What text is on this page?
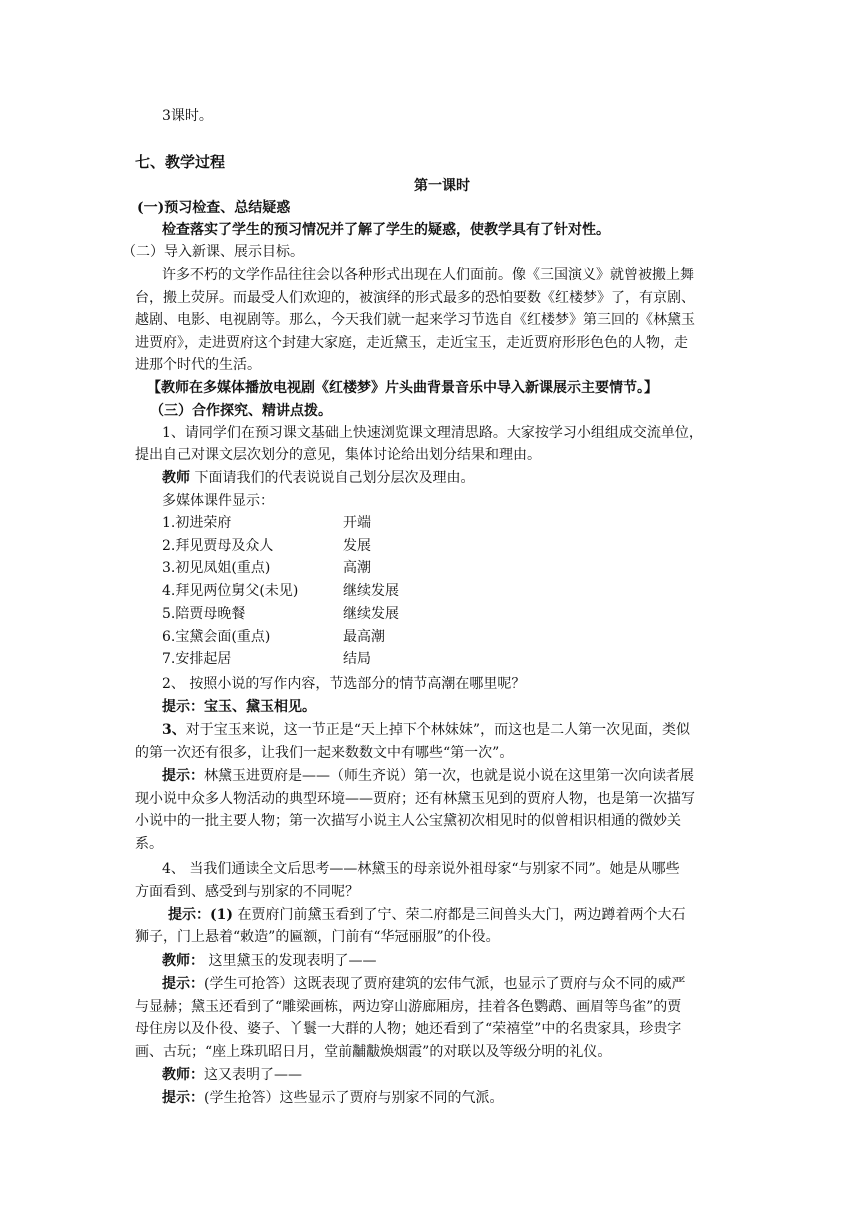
3课时。
七、教学过程
第一课时
(一)预习检查、总结疑惑
检查落实了学生的预习情况并了解了学生的疑惑，使教学具有了针对性。
（二）导入新课、展示目标。
许多不朽的文学作品往往会以各种形式出现在人们面前。像《三国演义》就曾被搬上舞
台，搬上荧屏。而最受人们欢迎的，被演绎的形式最多的恐怕要数《红楼梦》了，有京剧、
越剧、电影、电视剧等。那么，今天我们就一起来学习节选自《红楼梦》第三回的《林黛玉
进贾府》，走进贾府这个封建大家庭，走近黛玉，走近宝玉，走近贾府形形色色的人物，走
进那个时代的生活。
【教师在多媒体播放电视剧《红楼梦》片头曲背景音乐中导入新课展示主要情节。】
（三）合作探究、精讲点拨。
1、请同学们在预习课文基础上快速浏览课文理清思路。大家按学习小组组成交流单位，
提出自己对课文层次划分的意见，集体讨论给出划分结果和理由。
教师 下面请我们的代表说说自己划分层次及理由。
多媒体课件显示：
1.初进荣府	开端
2.拜见贾母及众人	发展
3.初见凤姐(重点)	高潮
4.拜见两位舅父(未见)	继续发展
5.陪贾母晚餐	继续发展
6.宝黛会面(重点)	最高潮
7.安排起居	结局
2、 按照小说的写作内容，节选部分的情节高潮在哪里呢？
提示：宝玉、黛玉相见。
3、对于宝玉来说，这一节正是“天上掉下个林妹妹”，而这也是二人第一次见面，类似
的第一次还有很多，让我们一起来数数文中有哪些“第一次”。
提示：林黛玉进贾府是——（师生齐说）第一次，也就是说小说在这里第一次向读者展
现小说中众多人物活动的典型环境——贾府；还有林黛玉见到的贾府人物，也是第一次描写
小说中的一批主要人物；第一次描写小说主人公宝黛初次相见时的似曾相识相通的微妙关
系。
4、 当我们通读全文后思考——林黛玉的母亲说外祖母家“与别家不同”。她是从哪些
方面看到、感受到与别家的不同呢？
提示：(1) 在贾府门前黛玉看到了宁、荣二府都是三间兽头大门，两边蹲着两个大石
狮子，门上悬着“敕造”的匾额，门前有“华冠丽服”的仆役。
教师： 这里黛玉的发现表明了——
提示：(学生可抢答）这既表现了贾府建筑的宏伟气派，也显示了贾府与众不同的威严
与显赫；黛玉还看到了“雕梁画栋，两边穿山游廊厢房，挂着各色鹦鹉、画眉等鸟雀”的贾
母住房以及仆役、婆子、丫鬟一大群的人物；她还看到了“荣禧堂”中的名贵家具，珍贵字
画、古玩；“座上珠玑昭日月，堂前黼黻焕烟霞”的对联以及等级分明的礼仪。
教师：这又表明了——
提示：(学生抢答）这些显示了贾府与别家不同的气派。
